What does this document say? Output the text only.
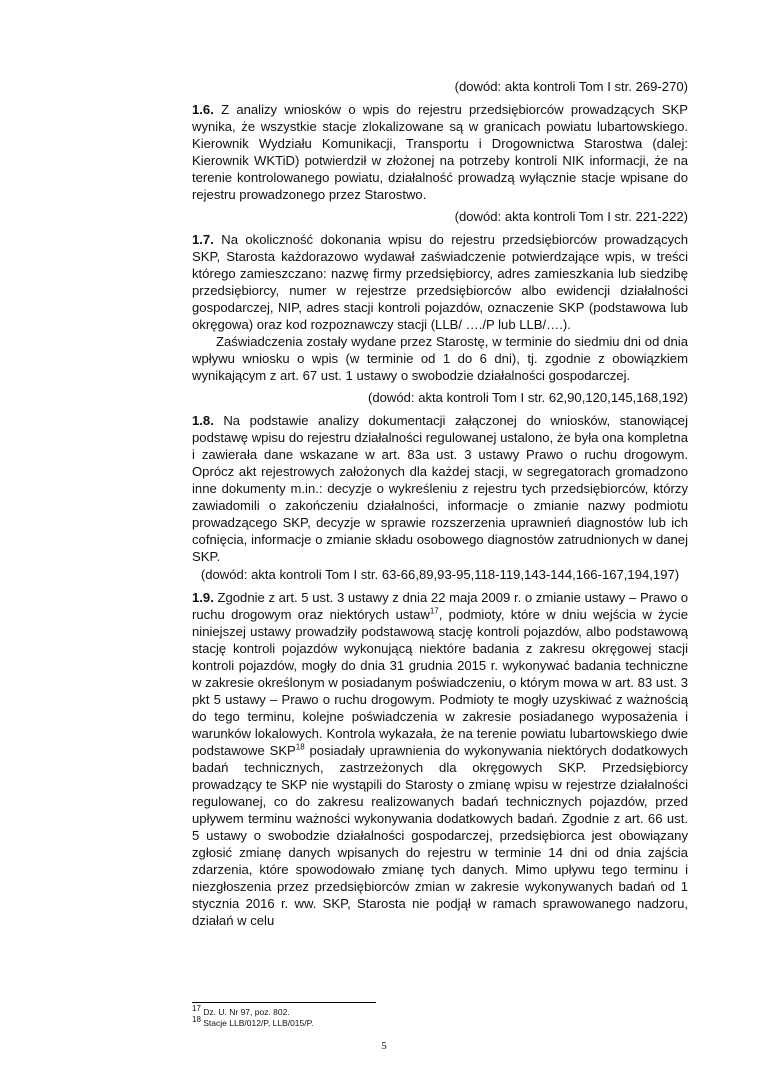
(dowód: akta kontroli Tom I str. 269-270)

1.6. Z analizy wniosków o wpis do rejestru przedsiębiorców prowadzących SKP wynika, że wszystkie stacje zlokalizowane są w granicach powiatu lubartowskiego. Kierownik Wydziału Komunikacji, Transportu i Drogownictwa Starostwa (dalej: Kierownik WKTiD) potwierdził w złożonej na potrzeby kontroli NIK informacji, że na terenie kontrolowanego powiatu, działalność prowadzą wyłącznie stacje wpisane do rejestru prowadzonego przez Starostwo.

(dowód: akta kontroli Tom I str. 221-222)

1.7. Na okoliczność dokonania wpisu do rejestru przedsiębiorców prowadzących SKP, Starosta każdorazowo wydawał zaświadczenie potwierdzające wpis, w treści którego zamieszczano: nazwę firmy przedsiębiorcy, adres zamieszkania lub siedzibę przedsiębiorcy, numer w rejestrze przedsiębiorców albo ewidencji działalności gospodarczej, NIP, adres stacji kontroli pojazdów, oznaczenie SKP (podstawowa lub okręgowa) oraz kod rozpoznawczy stacji (LLB/ …./P lub LLB/….).

Zaświadczenia zostały wydane przez Starostę, w terminie do siedmiu dni od dnia wpływu wniosku o wpis (w terminie od 1 do 6 dni), tj. zgodnie z obowiązkiem wynikającym z art. 67 ust. 1 ustawy o swobodzie działalności gospodarczej.

(dowód: akta kontroli Tom I str. 62,90,120,145,168,192)

1.8. Na podstawie analizy dokumentacji załączonej do wniosków, stanowiącej podstawę wpisu do rejestru działalności regulowanej ustalono, że była ona kompletna i zawierała dane wskazane w art. 83a ust. 3 ustawy Prawo o ruchu drogowym. Oprócz akt rejestrowych założonych dla każdej stacji, w segregatorach gromadzono inne dokumenty m.in.: decyzje o wykreśleniu z rejestru tych przedsiębiorców, którzy zawiadomili o zakończeniu działalności, informacje o zmianie nazwy podmiotu prowadzącego SKP, decyzje w sprawie rozszerzenia uprawnień diagnostów lub ich cofnięcia, informacje o zmianie składu osobowego diagnostów zatrudnionych w danej SKP.

(dowód: akta kontroli Tom I str. 63-66,89,93-95,118-119,143-144,166-167,194,197)

1.9. Zgodnie z art. 5 ust. 3 ustawy z dnia 22 maja 2009 r. o zmianie ustawy – Prawo o ruchu drogowym oraz niektórych ustaw$^{17}$, podmioty, które w dniu wejścia w życie niniejszej ustawy prowadziły podstawową stację kontroli pojazdów, albo podstawową stację kontroli pojazdów wykonującą niektóre badania z zakresu okręgowej stacji kontroli pojazdów, mogły do dnia 31 grudnia 2015 r. wykonywać badania techniczne w zakresie określonym w posiadanym poświadczeniu, o którym mowa w art. 83 ust. 3 pkt 5 ustawy – Prawo o ruchu drogowym. Podmioty te mogły uzyskiwać z ważnością do tego terminu, kolejne poświadczenia w zakresie posiadanego wyposażenia i warunków lokalowych. Kontrola wykazała, że na terenie powiatu lubartowskiego dwie podstawowe SKP$^{18}$ posiadały uprawnienia do wykonywania niektórych dodatkowych badań technicznych, zastrzeżonych dla okręgowych SKP. Przedsiębiorcy prowadzący te SKP nie wystąpili do Starosty o zmianę wpisu w rejestrze działalności regulowanej, co do zakresu realizowanych badań technicznych pojazdów, przed upływem terminu ważności wykonywania dodatkowych badań. Zgodnie z art. 66 ust. 5 ustawy o swobodzie działalności gospodarczej, przedsiębiorca jest obowiązany zgłosić zmianę danych wpisanych do rejestru w terminie 14 dni od dnia zajścia zdarzenia, które spowodowało zmianę tych danych. Mimo upływu tego terminu i niezgłoszenia przez przedsiębiorców zmian w zakresie wykonywanych badań od 1 stycznia 2016 r. ww. SKP, Starosta nie podjął w ramach sprawowanego nadzoru, działań w celu

$^{17}$ Dz. U. Nr 97, poz. 802.
$^{18}$ Stacje LLB/012/P, LLB/015/P.
5
